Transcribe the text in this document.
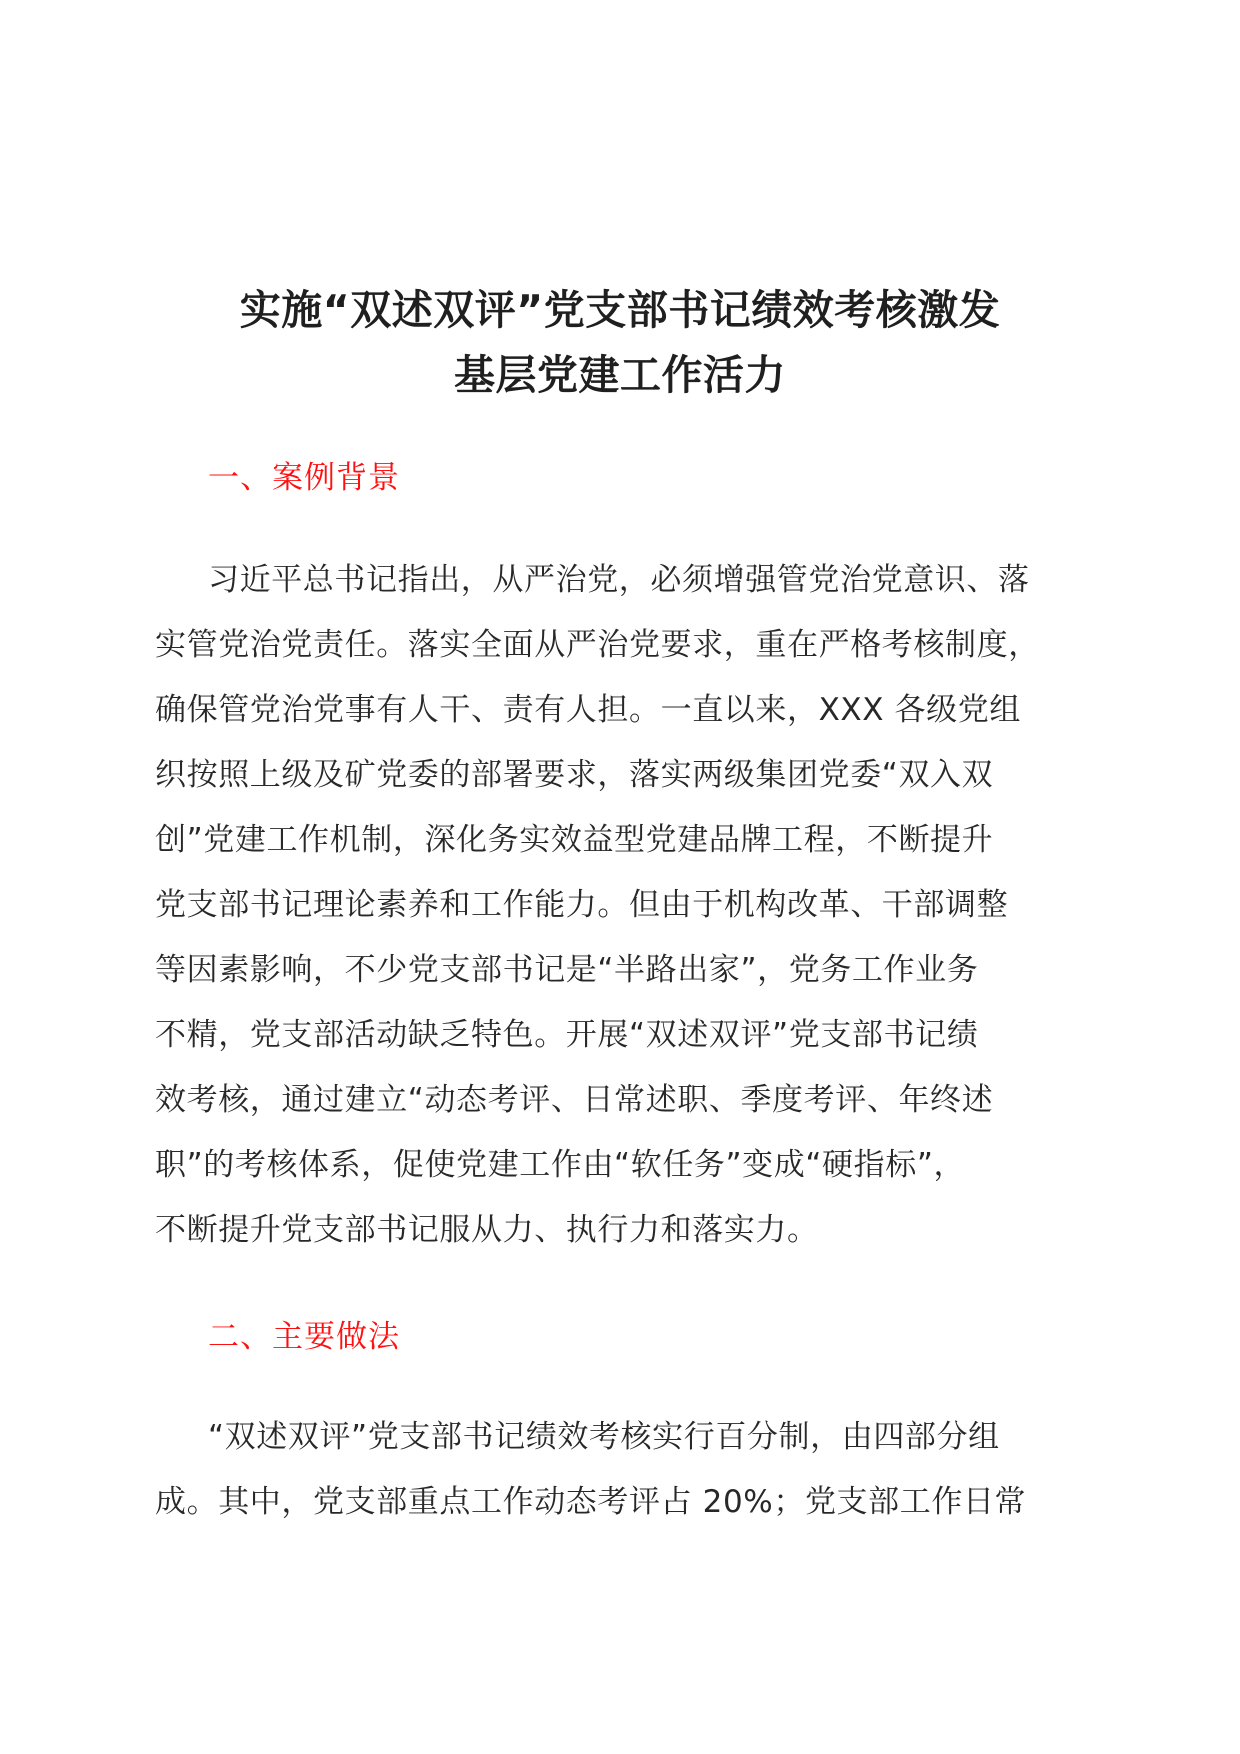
实施“双述双评”党支部书记绩效考核激发
基层党建工作活力
一、案例背景
习近平总书记指出，从严治党，必须增强管党治党意识、落
实管党治党责任。落实全面从严治党要求，重在严格考核制度，
确保管党治党事有人干、责有人担。一直以来，XXX 各级党组
织按照上级及矿党委的部署要求，落实两级集团党委“双入双
创”党建工作机制，深化务实效益型党建品牌工程，不断提升
党支部书记理论素养和工作能力。但由于机构改革、干部调整
等因素影响，不少党支部书记是“半路出家”，党务工作业务
不精，党支部活动缺乏特色。开展“双述双评”党支部书记绩
效考核，通过建立“动态考评、日常述职、季度考评、年终述
职”的考核体系，促使党建工作由“软任务”变成“硬指标”，
不断提升党支部书记服从力、执行力和落实力。
二、主要做法
“双述双评”党支部书记绩效考核实行百分制，由四部分组
成。其中，党支部重点工作动态考评占 20%；党支部工作日常
